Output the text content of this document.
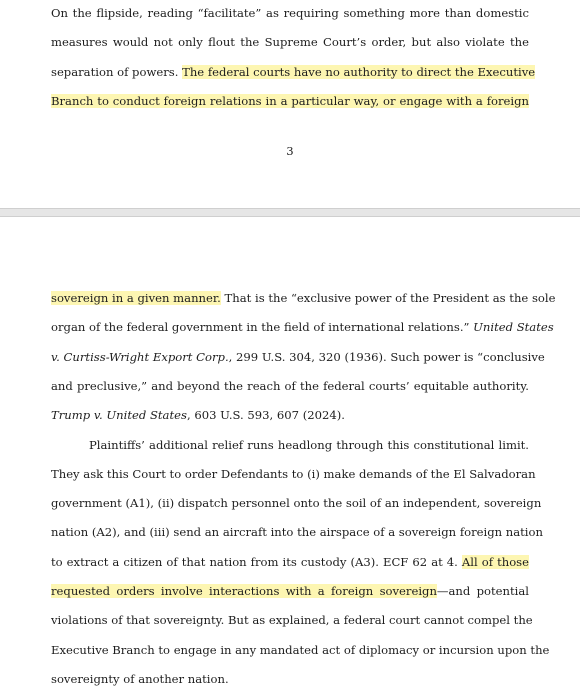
On the flipside, reading “facilitate” as requiring something more than domestic
measures would not only flout the Supreme Court’s order, but also violate the
separation of powers. The federal courts have no authority to direct the Executive
Branch to conduct foreign relations in a particular way, or engage with a foreign
3
sovereign in a given manner. That is the “exclusive power of the President as the sole
organ of the federal government in the field of international relations.” United States
v. Curtiss-Wright Export Corp., 299 U.S. 304, 320 (1936). Such power is “conclusive
and preclusive,” and beyond the reach of the federal courts’ equitable authority.
Trump v. United States, 603 U.S. 593, 607 (2024).
Plaintiffs’ additional relief runs headlong through this constitutional limit.
They ask this Court to order Defendants to (i) make demands of the El Salvadoran
government (A1), (ii) dispatch personnel onto the soil of an independent, sovereign
nation (A2), and (iii) send an aircraft into the airspace of a sovereign foreign nation
to extract a citizen of that nation from its custody (A3). ECF 62 at 4. All of those
requested orders involve interactions with a foreign sovereign—and potential
violations of that sovereignty. But as explained, a federal court cannot compel the
Executive Branch to engage in any mandated act of diplomacy or incursion upon the
sovereignty of another nation.
